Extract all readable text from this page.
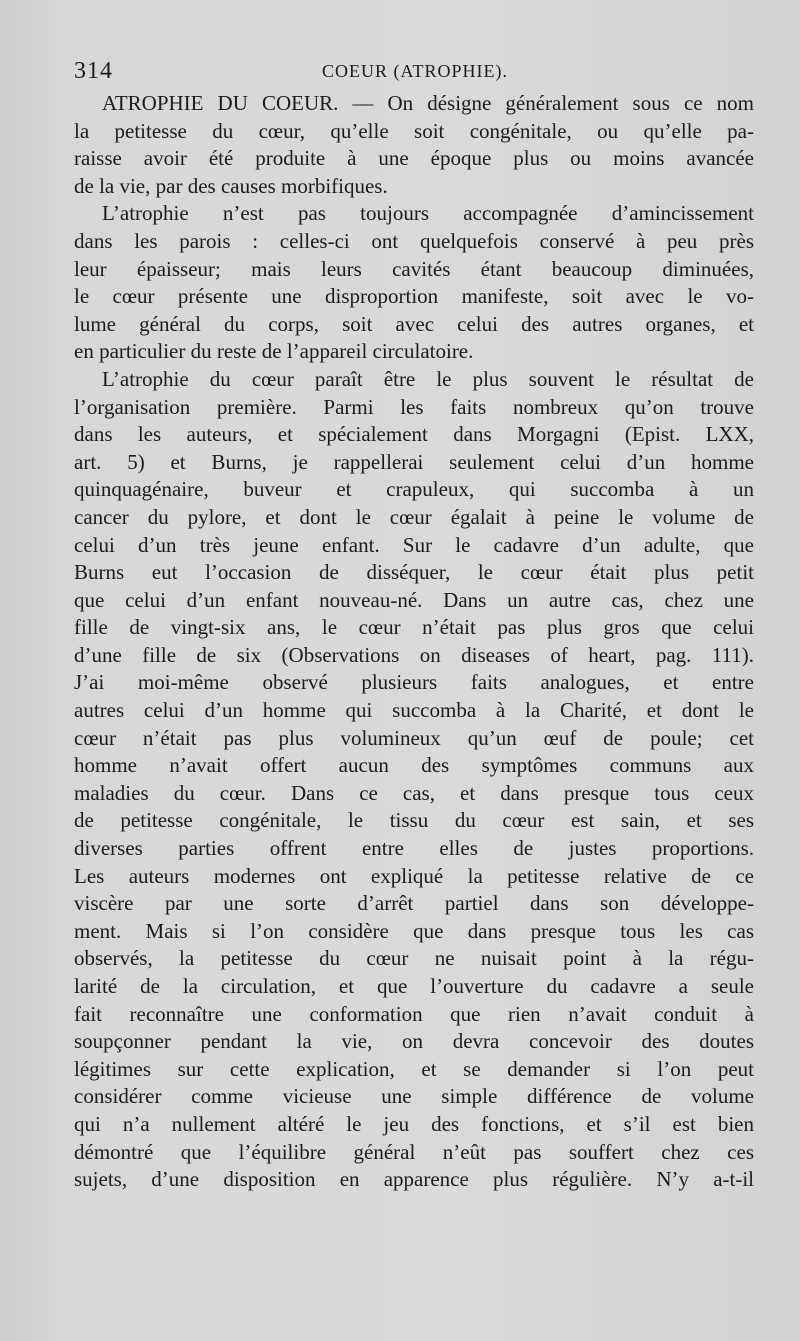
314	COEUR (ATROPHIE).
ATROPHIE DU COEUR. — On désigne généralement sous ce nom
la petitesse du cœur, qu’elle soit congénitale, ou qu’elle pa-
raisse avoir été produite à une époque plus ou moins avancée
de la vie, par des causes morbifiques.
L’atrophie n’est pas toujours accompagnée d’amincissement
dans les parois : celles-ci ont quelquefois conservé à peu près
leur épaisseur; mais leurs cavités étant beaucoup diminuées,
le cœur présente une disproportion manifeste, soit avec le vo-
lume général du corps, soit avec celui des autres organes, et
en particulier du reste de l’appareil circulatoire.
L’atrophie du cœur paraît être le plus souvent le résultat de
l’organisation première. Parmi les faits nombreux qu’on trouve
dans les auteurs, et spécialement dans Morgagni (Epist. LXX,
art. 5) et Burns, je rappellerai seulement celui d’un homme
quinquagénaire, buveur et crapuleux, qui succomba à un
cancer du pylore, et dont le cœur égalait à peine le volume de
celui d’un très jeune enfant. Sur le cadavre d’un adulte, que
Burns eut l’occasion de disséquer, le cœur était plus petit
que celui d’un enfant nouveau-né. Dans un autre cas, chez une
fille de vingt-six ans, le cœur n’était pas plus gros que celui
d’une fille de six (Observations on diseases of heart, pag. 111).
J’ai moi-même observé plusieurs faits analogues, et entre
autres celui d’un homme qui succomba à la Charité, et dont le
cœur n’était pas plus volumineux qu’un œuf de poule; cet
homme n’avait offert aucun des symptômes communs aux
maladies du cœur. Dans ce cas, et dans presque tous ceux
de petitesse congénitale, le tissu du cœur est sain, et ses
diverses parties offrent entre elles de justes proportions.
Les auteurs modernes ont expliqué la petitesse relative de ce
viscère par une sorte d’arrêt partiel dans son développe-
ment. Mais si l’on considère que dans presque tous les cas
observés, la petitesse du cœur ne nuisait point à la régu-
larité de la circulation, et que l’ouverture du cadavre a seule
fait reconnaître une conformation que rien n’avait conduit à
soupçonner pendant la vie, on devra concevoir des doutes
légitimes sur cette explication, et se demander si l’on peut
considérer comme vicieuse une simple différence de volume
qui n’a nullement altéré le jeu des fonctions, et s’il est bien
démontré que l’équilibre général n’eût pas souffert chez ces
sujets, d’une disposition en apparence plus régulière. N’y a-t-il
